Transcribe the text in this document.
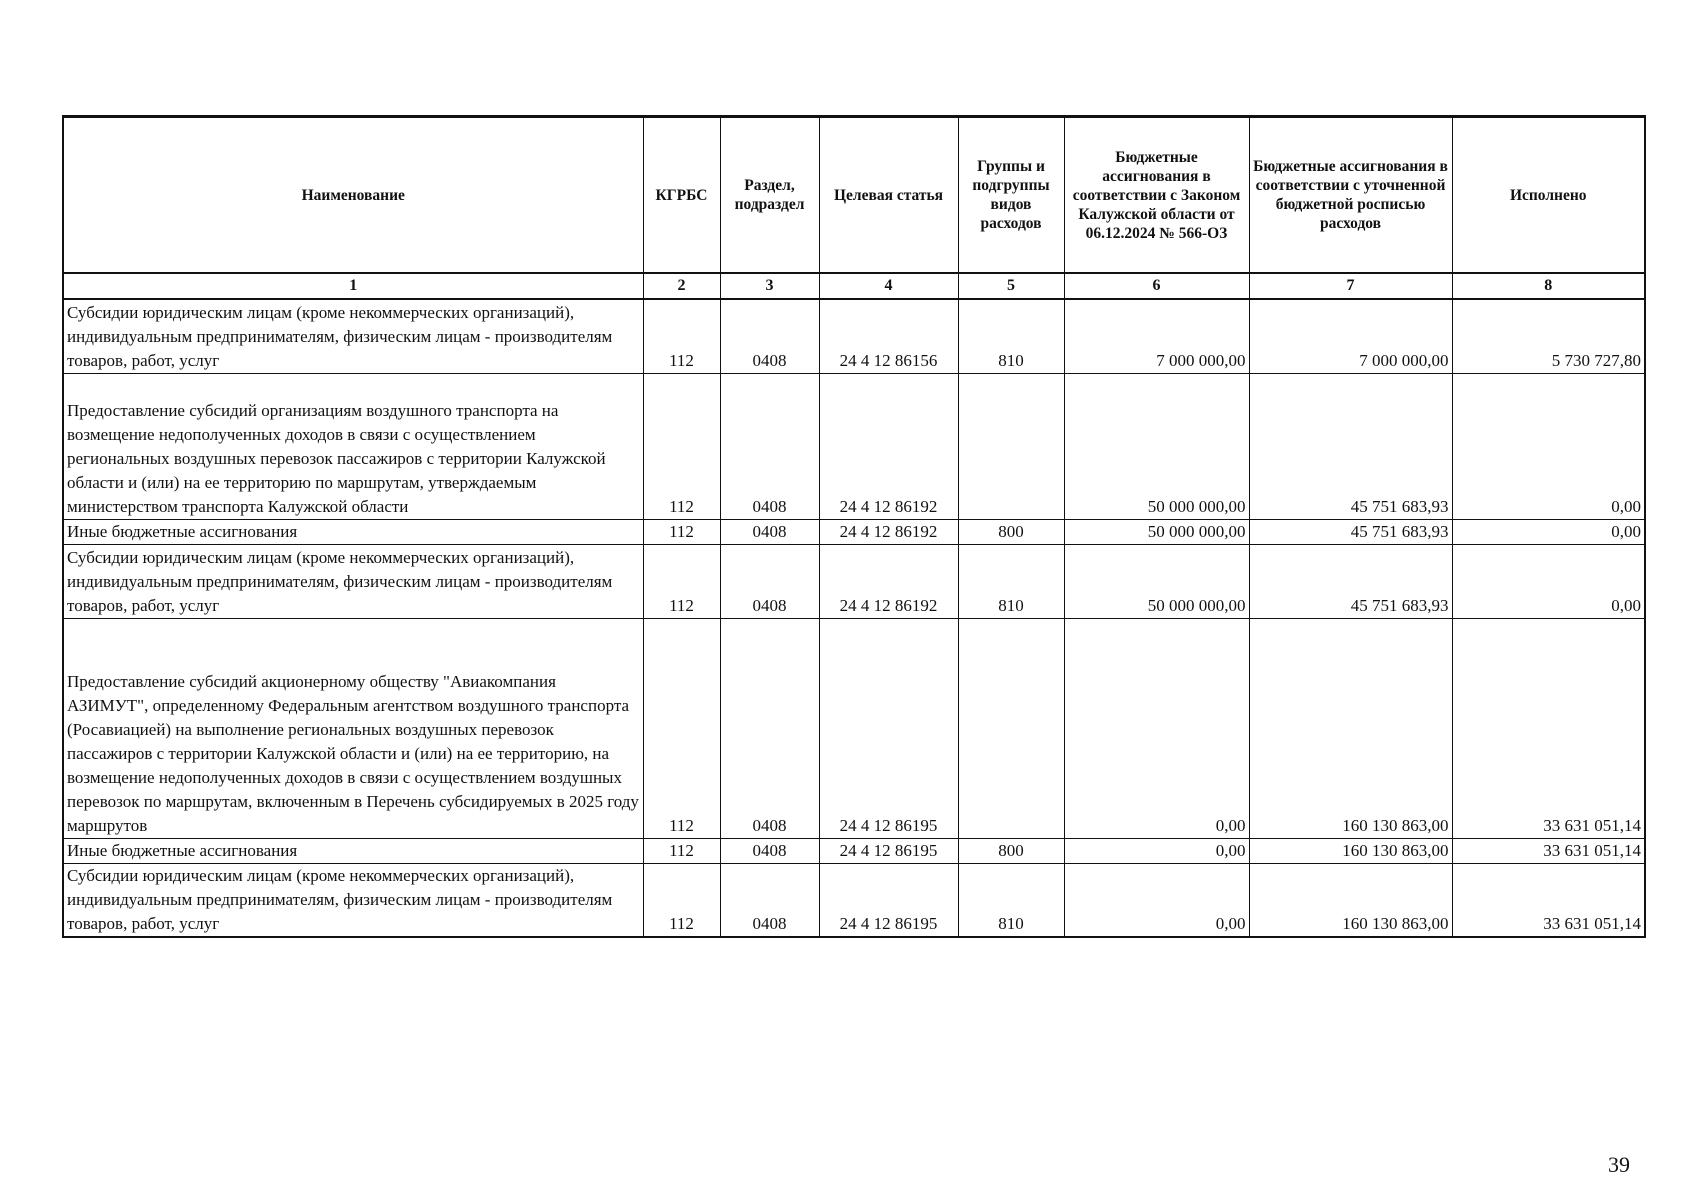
Наименование	КГРБС	Раздел, подраздел	Целевая статья	Группы и подгруппы видов расходов	Бюджетные ассигнования в соответствии с Законом Калужской области от 06.12.2024 № 566-ОЗ	Бюджетные ассигнования в соответствии с уточненной бюджетной росписью расходов	Исполнено
1	2	3	4	5	6	7	8
Субсидии юридическим лицам (кроме некоммерческих организаций), индивидуальным предпринимателям, физическим лицам - производителям товаров, работ, услуг	112	0408	24 4 12 86156	810	7 000 000,00	7 000 000,00	5 730 727,80
Предоставление субсидий организациям воздушного транспорта на возмещение недополученных доходов в связи с осуществлением региональных воздушных перевозок пассажиров с территории Калужской области и (или) на ее территорию по маршрутам, утверждаемым министерством транспорта Калужской области	112	0408	24 4 12 86192		50 000 000,00	45 751 683,93	0,00
Иные бюджетные ассигнования	112	0408	24 4 12 86192	800	50 000 000,00	45 751 683,93	0,00
Субсидии юридическим лицам (кроме некоммерческих организаций), индивидуальным предпринимателям, физическим лицам - производителям товаров, работ, услуг	112	0408	24 4 12 86192	810	50 000 000,00	45 751 683,93	0,00
Предоставление субсидий акционерному обществу "Авиакомпания АЗИМУТ", определенному Федеральным агентством воздушного транспорта (Росавиацией) на выполнение региональных воздушных перевозок пассажиров с территории Калужской области и (или) на ее территорию, на возмещение недополученных доходов в связи с осуществлением воздушных перевозок по маршрутам, включенным в Перечень субсидируемых в 2025 году маршрутов	112	0408	24 4 12 86195		0,00	160 130 863,00	33 631 051,14
Иные бюджетные ассигнования	112	0408	24 4 12 86195	800	0,00	160 130 863,00	33 631 051,14
Субсидии юридическим лицам (кроме некоммерческих организаций), индивидуальным предпринимателям, физическим лицам - производителям товаров, работ, услуг	112	0408	24 4 12 86195	810	0,00	160 130 863,00	33 631 051,14
39
